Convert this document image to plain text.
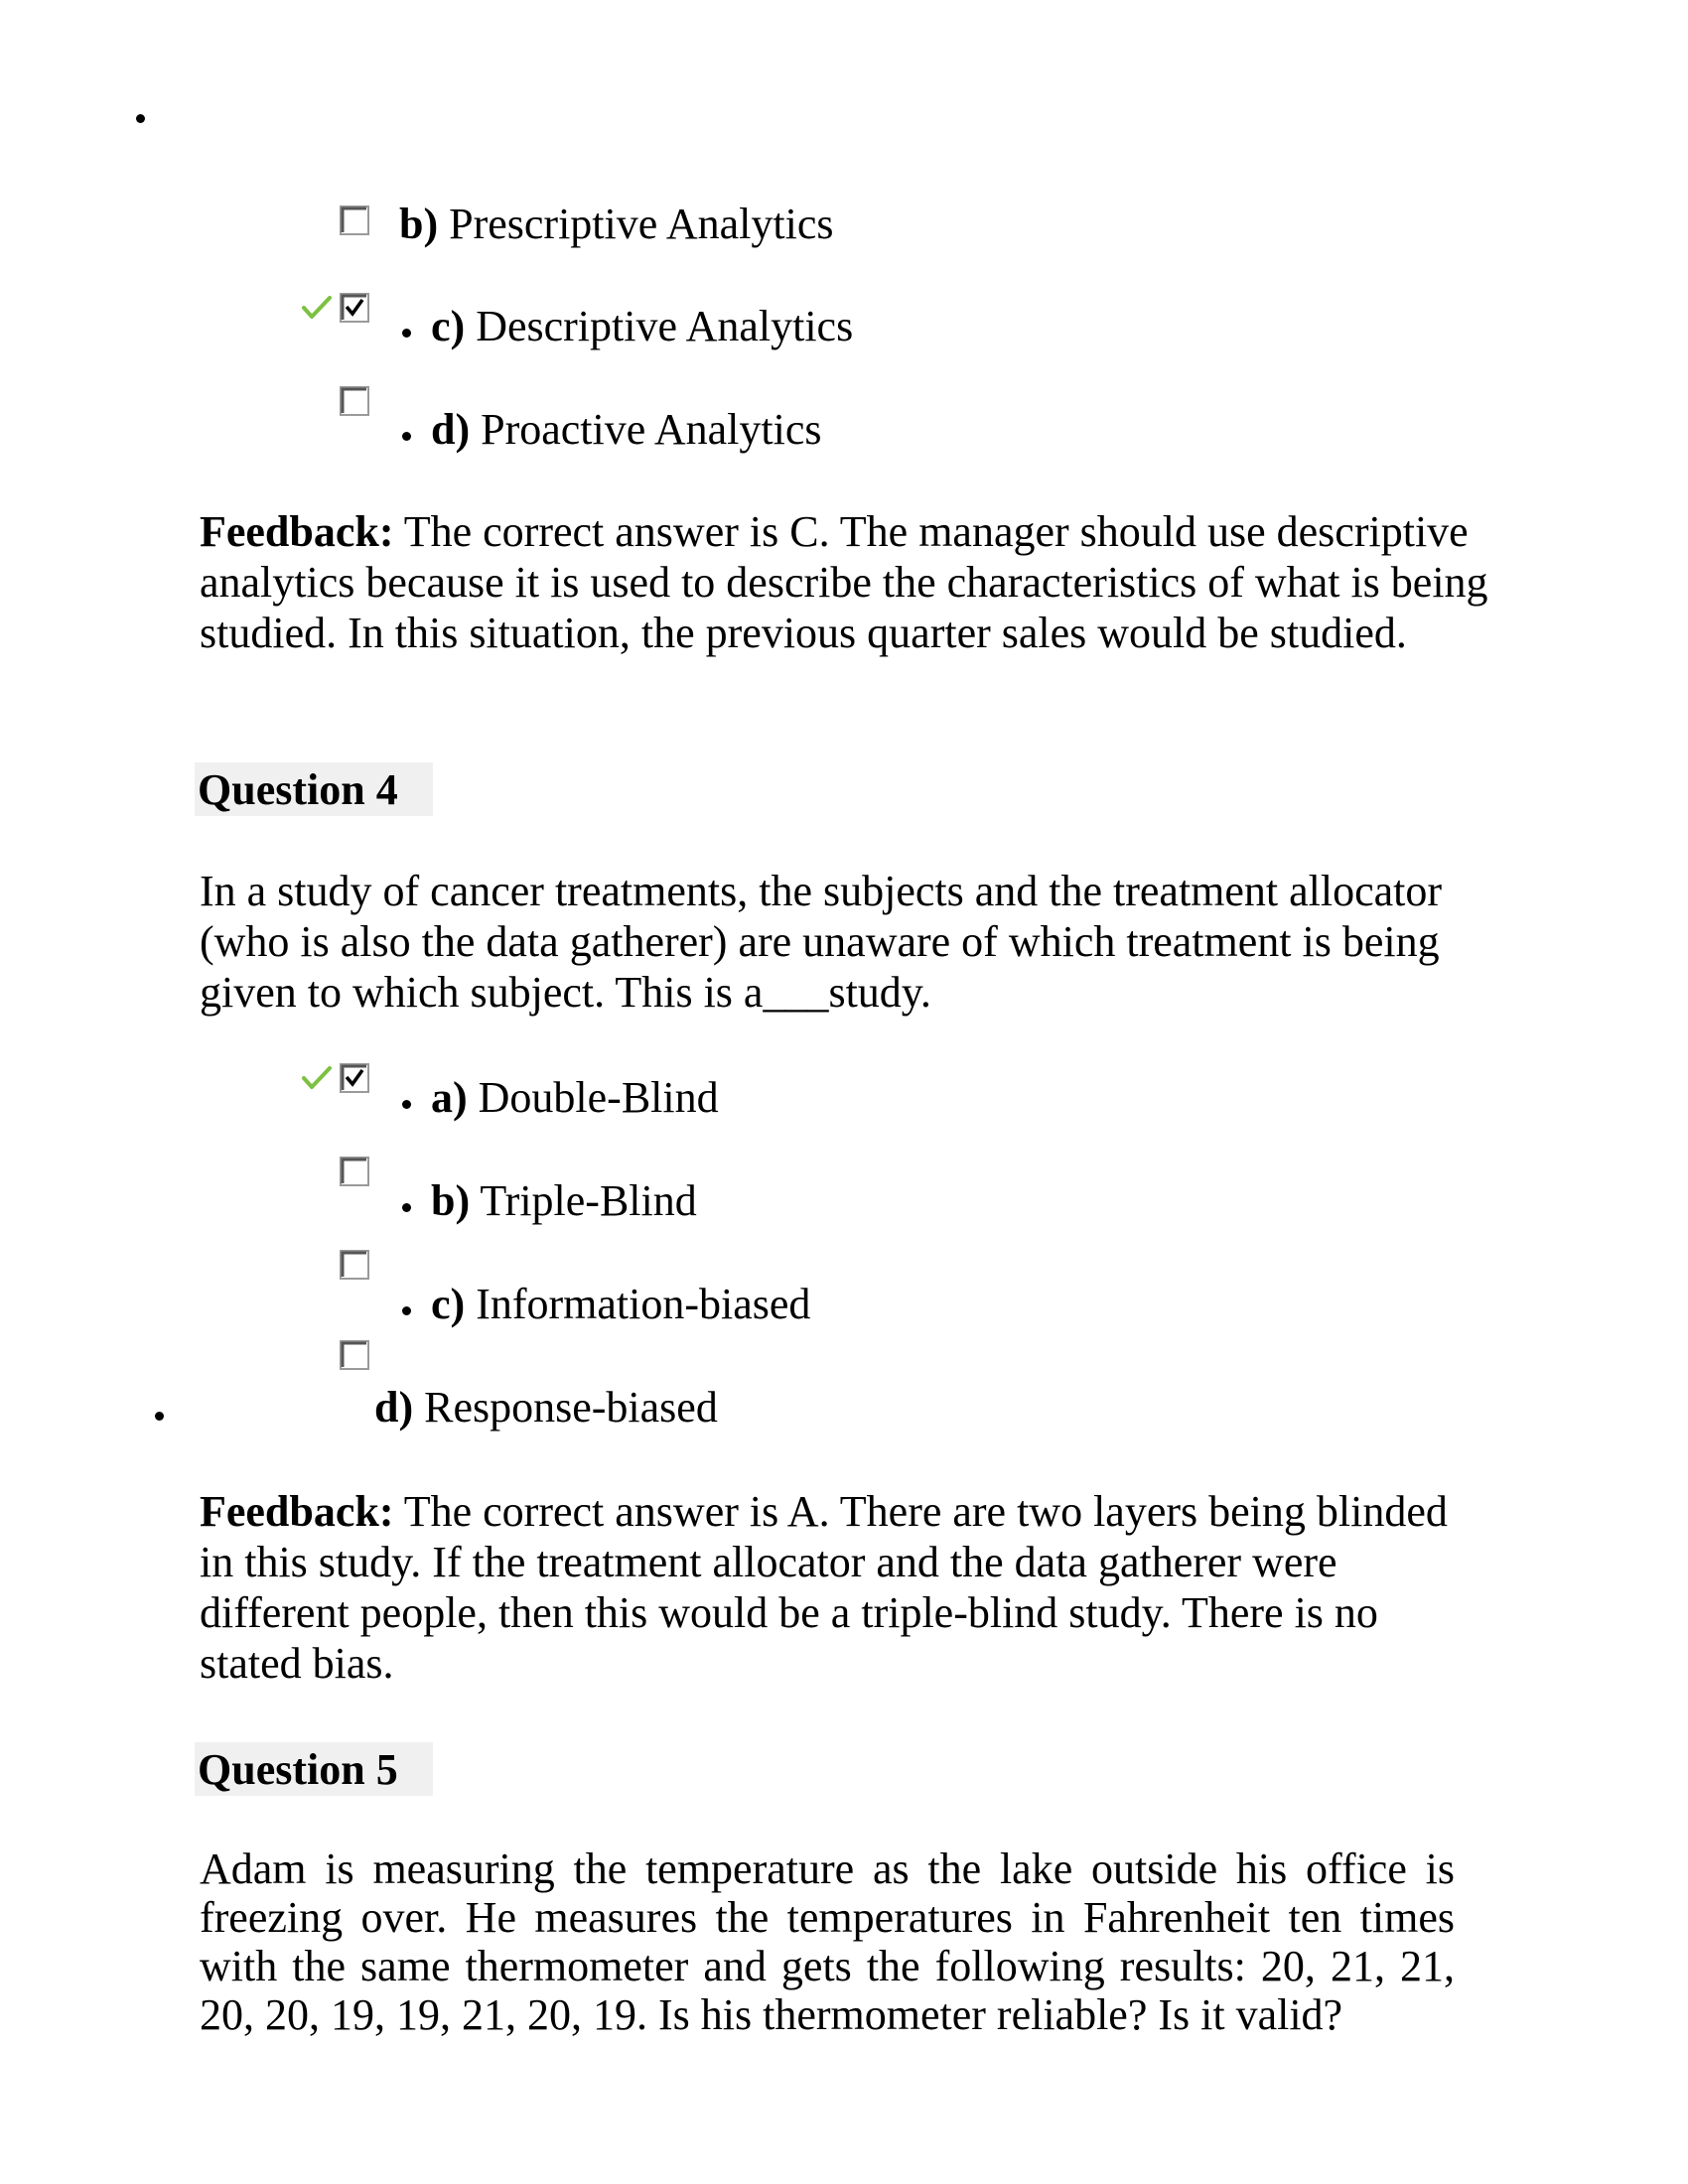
b) Prescriptive Analytics
c) Descriptive Analytics
d) Proactive Analytics
Feedback: The correct answer is C. The manager should use descriptive analytics because it is used to describe the characteristics of what is being studied. In this situation, the previous quarter sales would be studied.
Question 4
In a study of cancer treatments, the subjects and the treatment allocator (who is also the data gatherer) are unaware of which treatment is being given to which subject. This is a___study.
a) Double-Blind
b) Triple-Blind
c) Information-biased
d) Response-biased
Feedback: The correct answer is A. There are two layers being blinded in this study. If the treatment allocator and the data gatherer were different people, then this would be a triple-blind study. There is no stated bias.
Question 5
Adam is measuring the temperature as the lake outside his office is freezing over. He measures the temperatures in Fahrenheit ten times with the same thermometer and gets the following results: 20, 21, 21, 20, 20, 19, 19, 21, 20, 19. Is his thermometer reliable? Is it valid?
